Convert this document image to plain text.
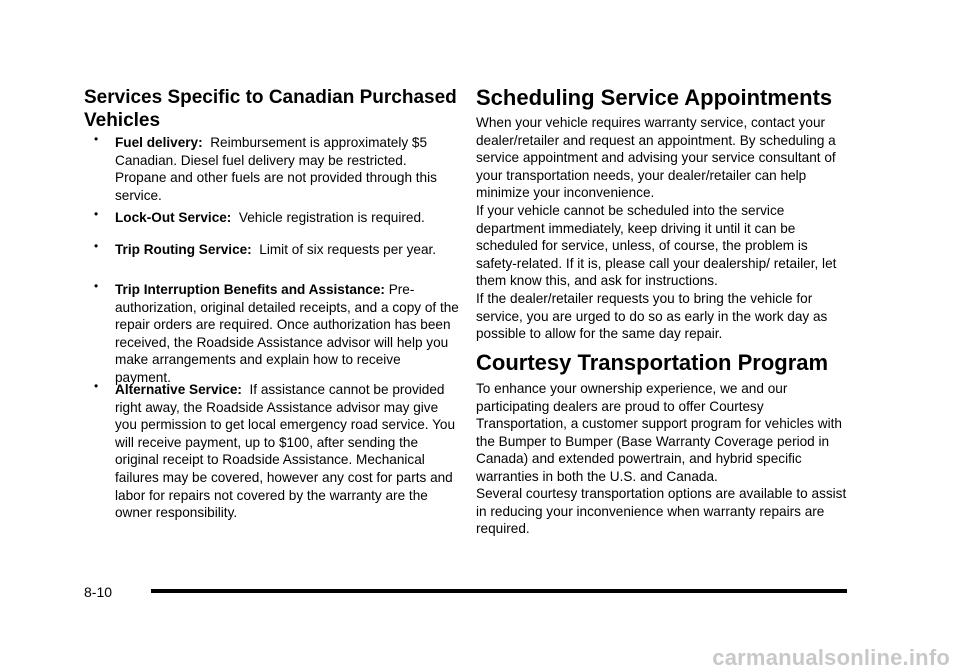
Services Specific to Canadian Purchased Vehicles
• Fuel delivery: Reimbursement is approximately $5 Canadian. Diesel fuel delivery may be restricted. Propane and other fuels are not provided through this service.
• Lock-Out Service: Vehicle registration is required.
• Trip Routing Service: Limit of six requests per year.
• Trip Interruption Benefits and Assistance: Pre-authorization, original detailed receipts, and a copy of the repair orders are required. Once authorization has been received, the Roadside Assistance advisor will help you make arrangements and explain how to receive payment.
• Alternative Service: If assistance cannot be provided right away, the Roadside Assistance advisor may give you permission to get local emergency road service. You will receive payment, up to $100, after sending the original receipt to Roadside Assistance. Mechanical failures may be covered, however any cost for parts and labor for repairs not covered by the warranty are the owner responsibility.
Scheduling Service Appointments

When your vehicle requires warranty service, contact your dealer/retailer and request an appointment. By scheduling a service appointment and advising your service consultant of your transportation needs, your dealer/retailer can help minimize your inconvenience.

If your vehicle cannot be scheduled into the service department immediately, keep driving it until it can be scheduled for service, unless, of course, the problem is safety-related. If it is, please call your dealership/ retailer, let them know this, and ask for instructions.

If the dealer/retailer requests you to bring the vehicle for service, you are urged to do so as early in the work day as possible to allow for the same day repair.

Courtesy Transportation Program

To enhance your ownership experience, we and our participating dealers are proud to offer Courtesy Transportation, a customer support program for vehicles with the Bumper to Bumper (Base Warranty Coverage period in Canada) and extended powertrain, and hybrid specific warranties in both the U.S. and Canada.

Several courtesy transportation options are available to assist in reducing your inconvenience when warranty repairs are required.

8-10
carmanualsonline.info
